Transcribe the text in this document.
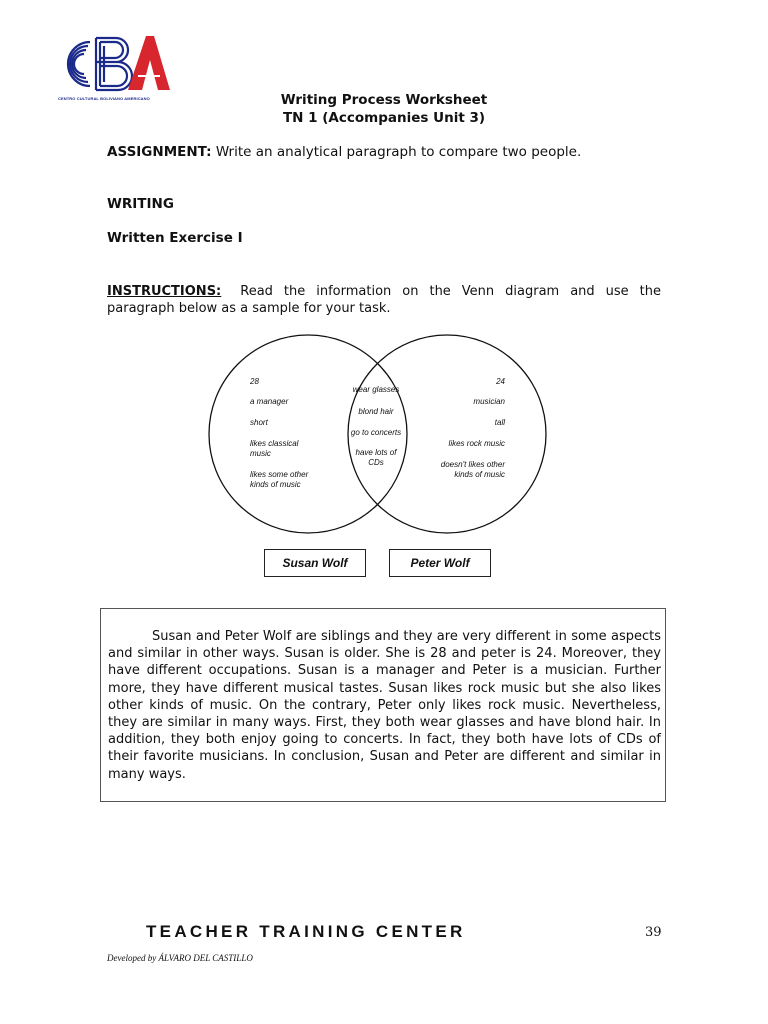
CENTRO CULTURAL BOLIVIANO AMERICANO	Writing Process Worksheet
TN 1 (Accompanies Unit 3)
ASSIGNMENT: Write an analytical paragraph to compare two people.
WRITING
Written Exercise I
INSTRUCTIONS: Read the information on the Venn diagram and use the paragraph below as a sample for your task.
28
a manager
short
likes classical
music
likes some other
kinds of music
wear glasses
blond hair
go to concerts
have lots of
CDs
24
musician
tall
likes rock music
doesn't likes other
kinds of music
Susan Wolf	Peter Wolf
Susan and Peter Wolf are siblings and they are very different in some aspects and similar in other ways. Susan is older. She is 28 and peter is 24. Moreover, they have different occupations. Susan is a manager and Peter is a musician. Further more, they have different musical tastes. Susan likes rock music but she also likes other kinds of music. On the contrary, Peter only likes rock music. Nevertheless, they are similar in many ways. First, they both wear glasses and have blond hair. In addition, they both enjoy going to concerts. In fact, they both have lots of CDs of their favorite musicians. In conclusion, Susan and Peter are different and similar in many ways.
TEACHER TRAINING CENTER	39
Developed by ÁLVARO DEL CASTILLO
